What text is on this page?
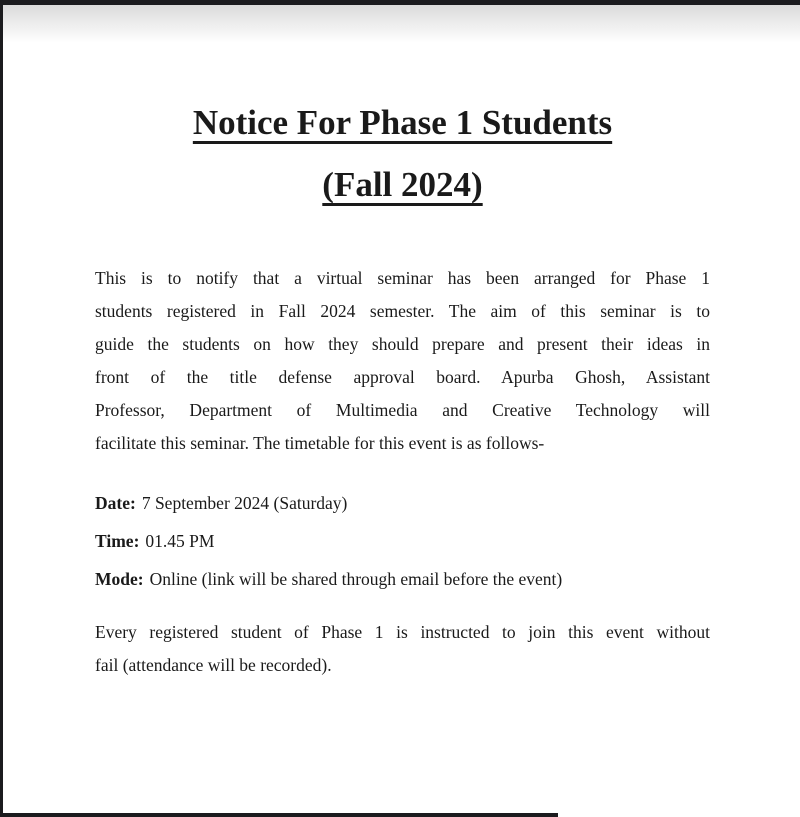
Notice For Phase 1 Students
(Fall 2024)
This is to notify that a virtual seminar has been arranged for Phase 1
students registered in Fall 2024 semester. The aim of this seminar is to
guide the students on how they should prepare and present their ideas in
front of the title defense approval board. Apurba Ghosh, Assistant
Professor, Department of Multimedia and Creative Technology will
facilitate this seminar. The timetable for this event is as follows-
Date: 7 September 2024 (Saturday)
Time: 01.45 PM
Mode: Online (link will be shared through email before the event)
Every registered student of Phase 1 is instructed to join this event without
fail (attendance will be recorded).
